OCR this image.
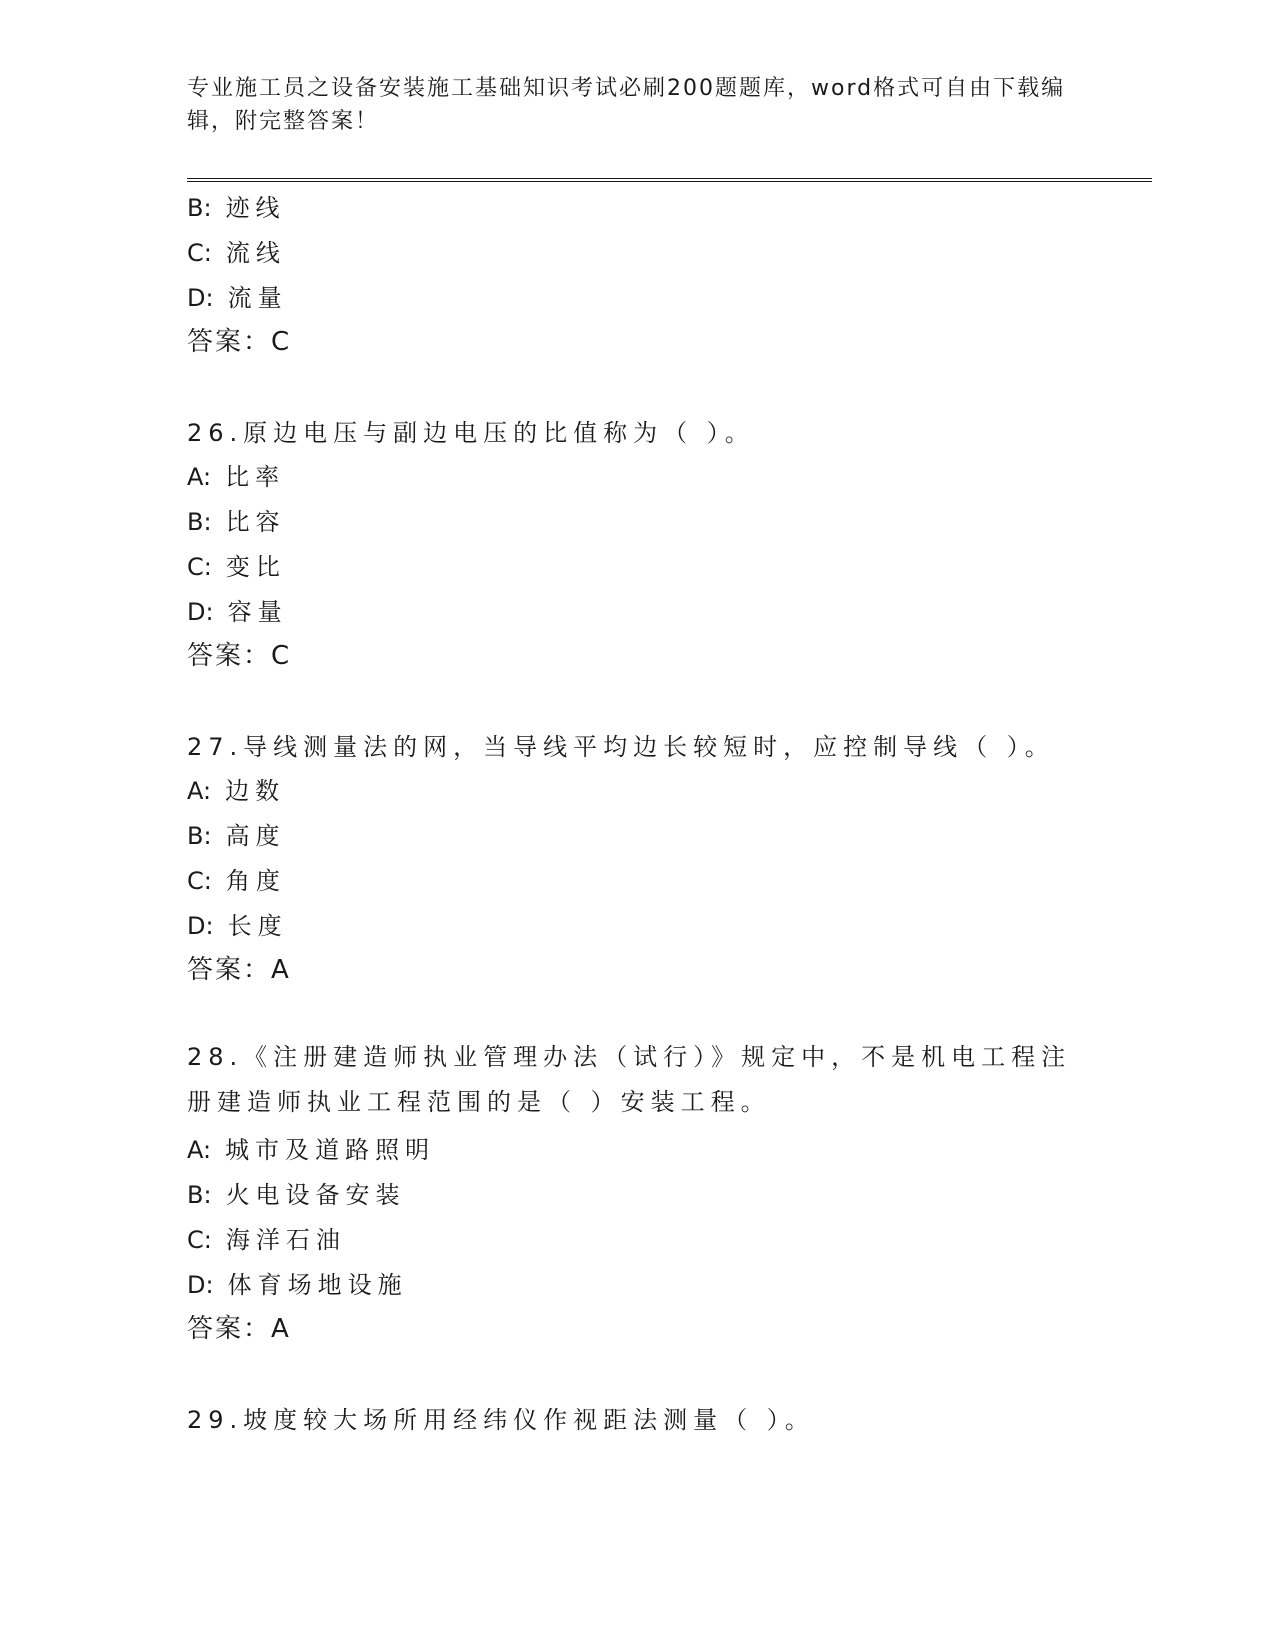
专业施工员之设备安装施工基础知识考试必刷200题题库，word格式可自由下载编辑，附完整答案！
B: 迹线
C: 流线
D: 流量
答案：C
26.原边电压与副边电压的比值称为（ ）。
A: 比率
B: 比容
C: 变比
D: 容量
答案：C
27.导线测量法的网，当导线平均边长较短时，应控制导线（ ）。
A: 边数
B: 高度
C: 角度
D: 长度
答案：A
28.《注册建造师执业管理办法（试行）》规定中，不是机电工程注册建造师执业工程范围的是（ ）安装工程。
A: 城市及道路照明
B: 火电设备安装
C: 海洋石油
D: 体育场地设施
答案：A
29.坡度较大场所用经纬仪作视距法测量（ ）。
